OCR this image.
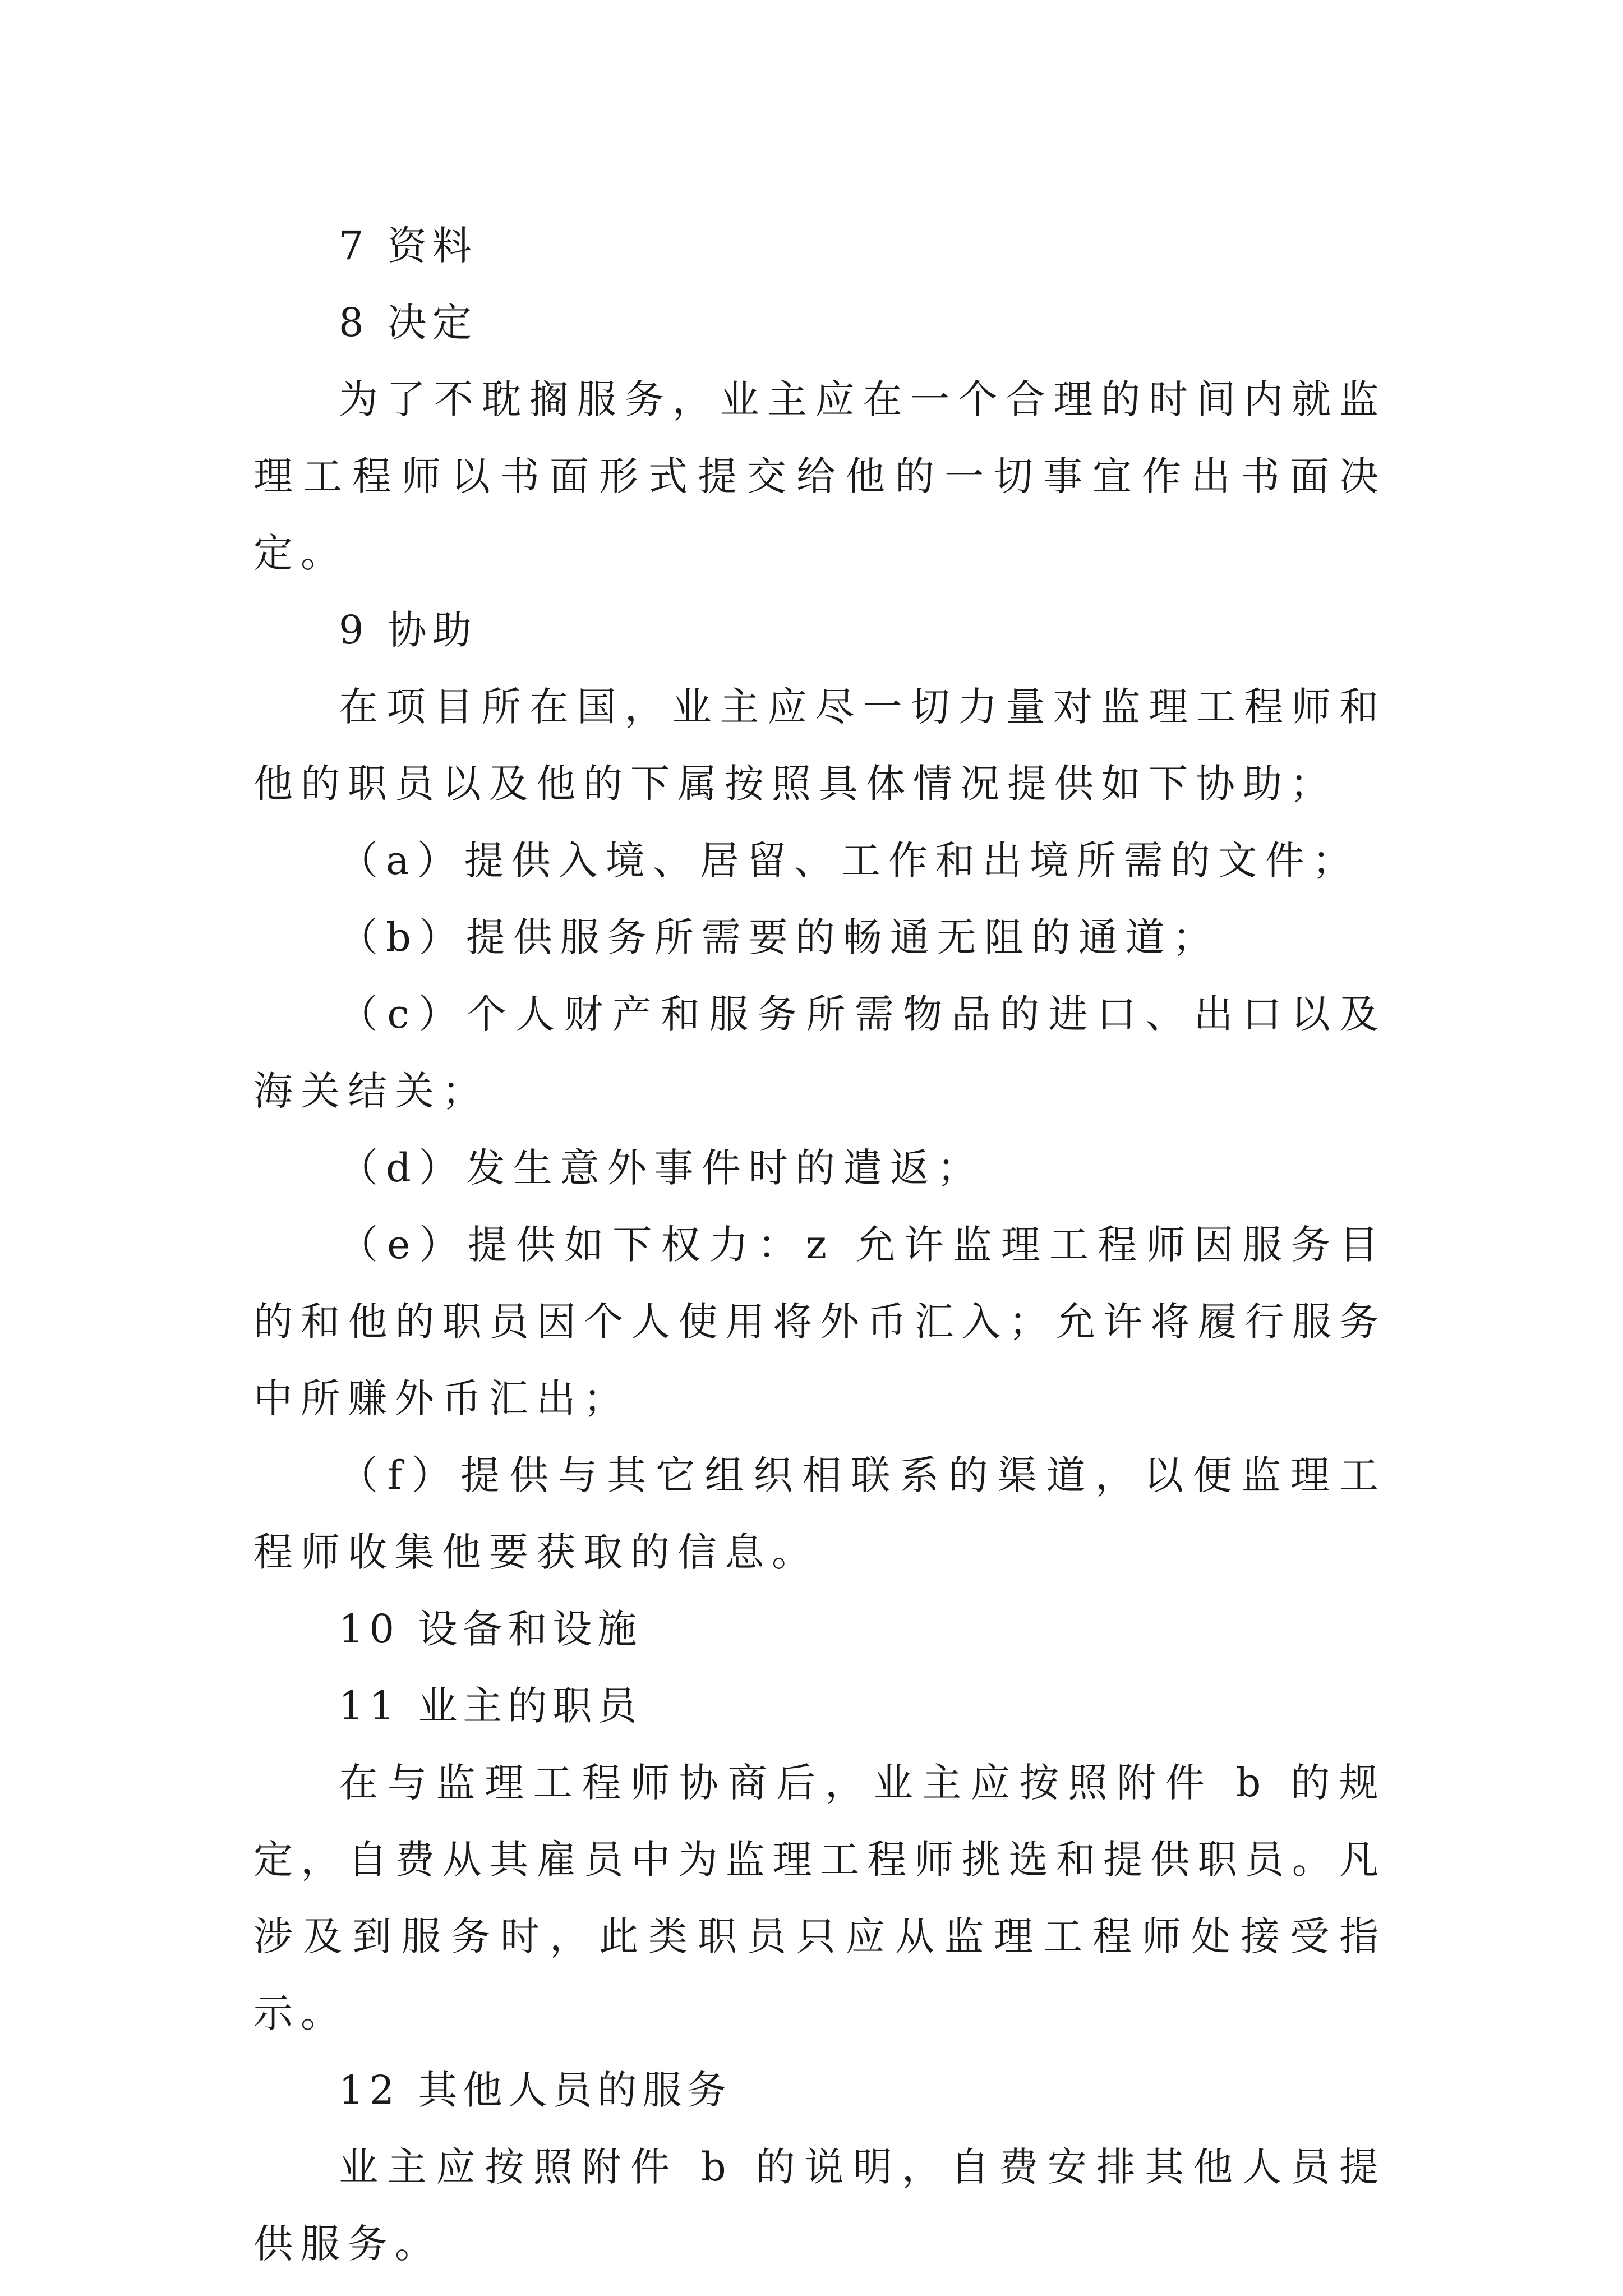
7 资料

8 决定

为了不耽搁服务，业主应在一个合理的时间内就监理工程师以书面形式提交给他的一切事宜作出书面决定。

9 协助

在项目所在国，业主应尽一切力量对监理工程师和他的职员以及他的下属按照具体情况提供如下协助；

（a）提供入境、居留、工作和出境所需的文件；

（b）提供服务所需要的畅通无阻的通道；

（c）个人财产和服务所需物品的进口、出口以及海关结关；

（d）发生意外事件时的遣返；

（e）提供如下权力：z 允许监理工程师因服务目的和他的职员因个人使用将外币汇入；允许将履行服务中所赚外币汇出；

（f）提供与其它组织相联系的渠道，以便监理工程师收集他要获取的信息。

10 设备和设施

11 业主的职员

在与监理工程师协商后，业主应按照附件 b 的规定，自费从其雇员中为监理工程师挑选和提供职员。凡涉及到服务时，此类职员只应从监理工程师处接受指示。

12 其他人员的服务

业主应按照附件 b 的说明，自费安排其他人员提供服务。
